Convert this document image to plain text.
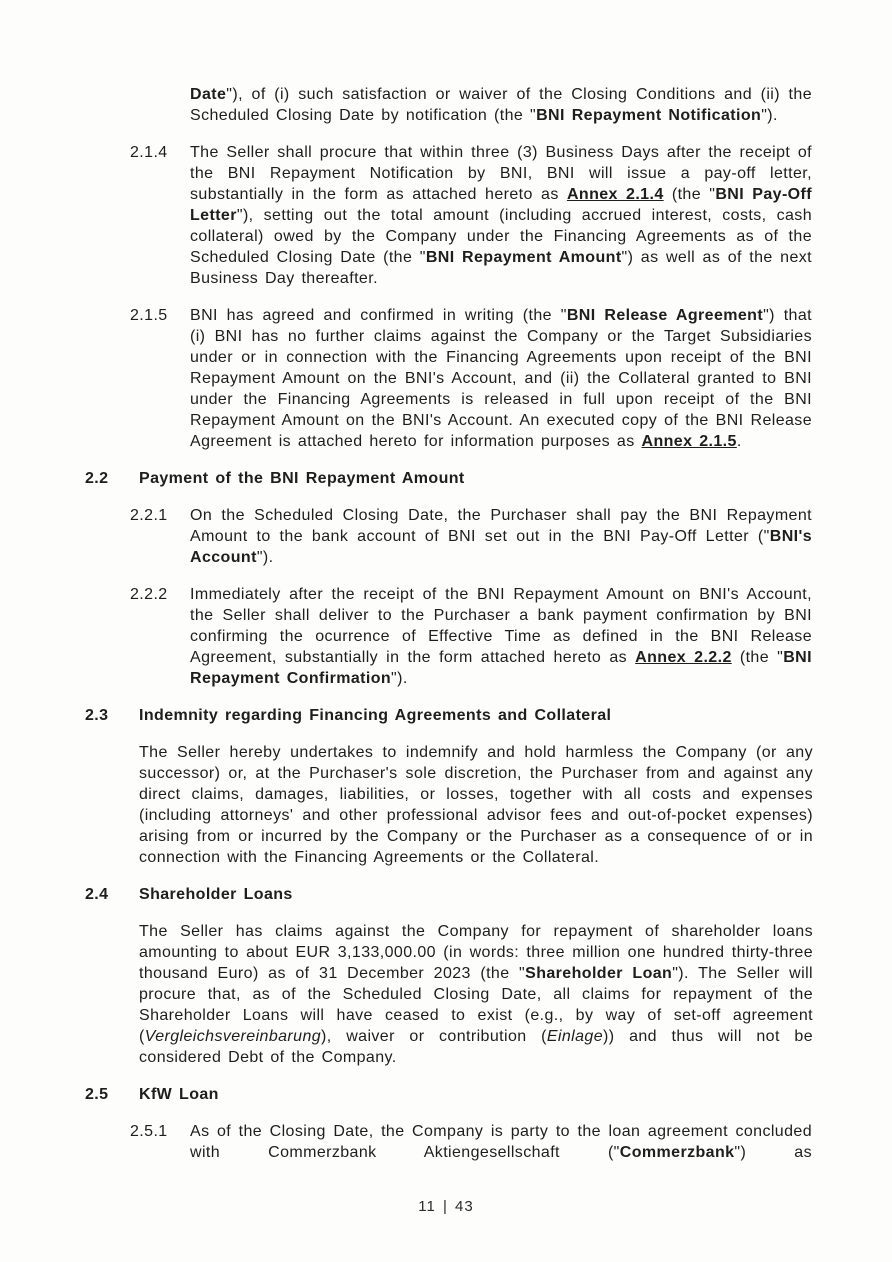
Date"), of (i) such satisfaction or waiver of the Closing Conditions and (ii) the Scheduled Closing Date by notification (the "BNI Repayment Notification").
2.1.4	The Seller shall procure that within three (3) Business Days after the receipt of the BNI Repayment Notification by BNI, BNI will issue a pay-off letter, substantially in the form as attached hereto as Annex 2.1.4 (the "BNI Pay-Off Letter"), setting out the total amount (including accrued interest, costs, cash collateral) owed by the Company under the Financing Agreements as of the Scheduled Closing Date (the "BNI Repayment Amount") as well as of the next Business Day thereafter.
2.1.5	BNI has agreed and confirmed in writing (the "BNI Release Agreement") that (i) BNI has no further claims against the Company or the Target Subsidiaries under or in connection with the Financing Agreements upon receipt of the BNI Repayment Amount on the BNI's Account, and (ii) the Collateral granted to BNI under the Financing Agreements is released in full upon receipt of the BNI Repayment Amount on the BNI's Account. An executed copy of the BNI Release Agreement is attached hereto for information purposes as Annex 2.1.5.
2.2	Payment of the BNI Repayment Amount
2.2.1	On the Scheduled Closing Date, the Purchaser shall pay the BNI Repayment Amount to the bank account of BNI set out in the BNI Pay-Off Letter ("BNI's Account").
2.2.2	Immediately after the receipt of the BNI Repayment Amount on BNI's Account, the Seller shall deliver to the Purchaser a bank payment confirmation by BNI confirming the ocurrence of Effective Time as defined in the BNI Release Agreement, substantially in the form attached hereto as Annex 2.2.2 (the "BNI Repayment Confirmation").
2.3	Indemnity regarding Financing Agreements and Collateral
The Seller hereby undertakes to indemnify and hold harmless the Company (or any successor) or, at the Purchaser's sole discretion, the Purchaser from and against any direct claims, damages, liabilities, or losses, together with all costs and expenses (including attorneys' and other professional advisor fees and out-of-pocket expenses) arising from or incurred by the Company or the Purchaser as a consequence of or in connection with the Financing Agreements or the Collateral.
2.4	Shareholder Loans
The Seller has claims against the Company for repayment of shareholder loans amounting to about EUR 3,133,000.00 (in words: three million one hundred thirty-three thousand Euro) as of 31 December 2023 (the "Shareholder Loan"). The Seller will procure that, as of the Scheduled Closing Date, all claims for repayment of the Shareholder Loans will have ceased to exist (e.g., by way of set-off agreement (Vergleichsvereinbarung), waiver or contribution (Einlage)) and thus will not be considered Debt of the Company.
2.5	KfW Loan
2.5.1	As of the Closing Date, the Company is party to the loan agreement concluded with Commerzbank Aktiengesellschaft ("Commerzbank") as
11 | 43
